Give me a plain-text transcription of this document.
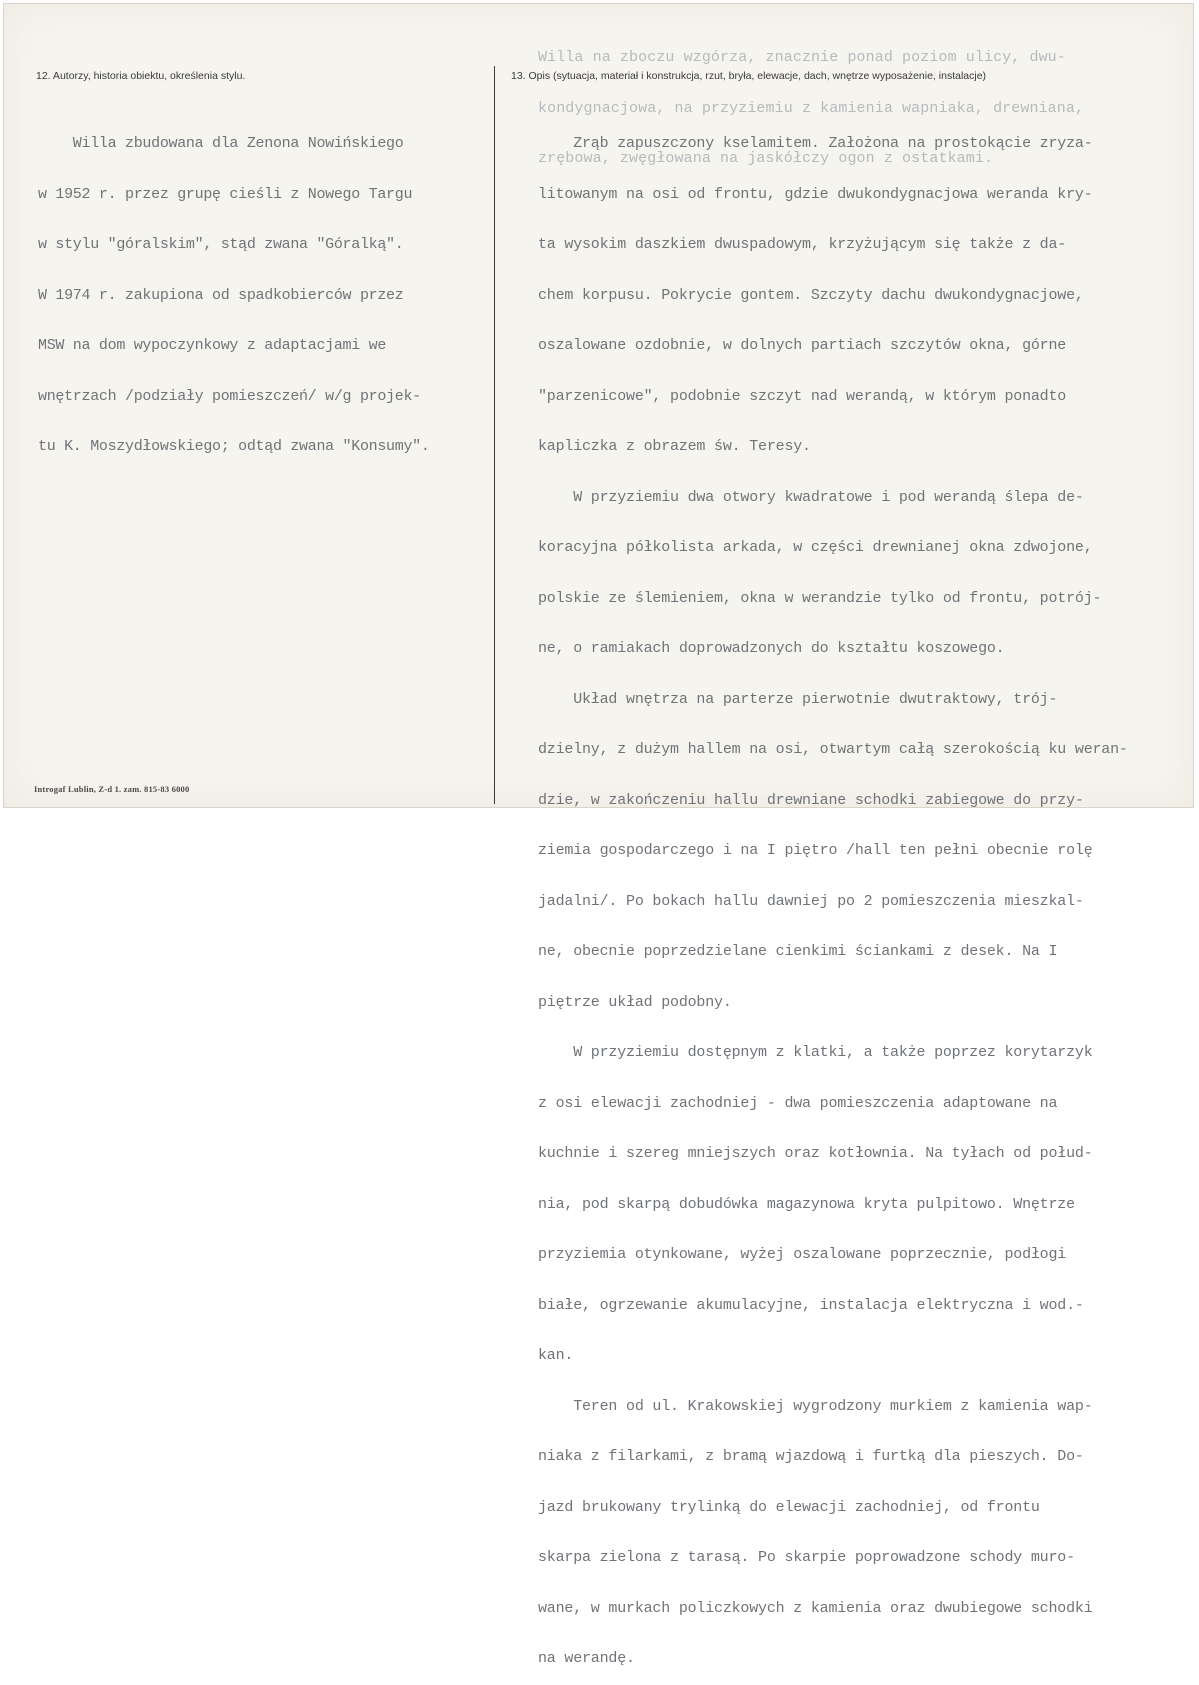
Willa na zboczu wzgórza, znacznie ponad poziom ulicy, dwu-

kondygnacjowa, na przyziemiu z kamienia wapniaka, drewniana,

zrębowa, zwęgłowana na jaskółczy ogon z ostatkami.

12. Autorzy, historia obiektu, określenia stylu.

Willa zbudowana dla Zenona Nowińskiego

w 1952 r. przez grupę cieśli z Nowego Targu

w stylu "góralskim", stąd zwana "Góralką".

W 1974 r. zakupiona od spadkobierców przez

MSW na dom wypoczynkowy z adaptacjami we

wnętrzach /podziały pomieszczeń/ w/g projek-

tu K. Moszydłowskiego; odtąd zwana "Konsumy".

13. Opis (sytuacja, materiał i konstrukcja, rzut, bryła, elewacje, dach, wnętrze wyposażenie, instalacje)

Zrąb zapuszczony kselamitem. Założona na prostokącie zryza-

litowanym na osi od frontu, gdzie dwukondygnacjowa weranda kry-

ta wysokim daszkiem dwuspadowym, krzyżującym się także z da-

chem korpusu. Pokrycie gontem. Szczyty dachu dwukondygnacjowe,

oszalowane ozdobnie, w dolnych partiach szczytów okna, górne

"parzenicowe", podobnie szczyt nad werandą, w którym ponadto

kapliczka z obrazem św. Teresy.

W przyziemiu dwa otwory kwadratowe i pod werandą ślepa de-

koracyjna półkolista arkada, w części drewnianej okna zdwojone,

polskie ze ślemieniem, okna w werandzie tylko od frontu, potrój-

ne, o ramiakach doprowadzonych do kształtu koszowego.

Układ wnętrza na parterze pierwotnie dwutraktowy, trój-

dzielny, z dużym hallem na osi, otwartym całą szerokością ku weran-

dzie, w zakończeniu hallu drewniane schodki zabiegowe do przy-

ziemia gospodarczego i na I piętro /hall ten pełni obecnie rolę

jadalni/. Po bokach hallu dawniej po 2 pomieszczenia mieszkal-

ne, obecnie poprzedzielane cienkimi ściankami z desek. Na I

piętrze układ podobny.

W przyziemiu dostępnym z klatki, a także poprzez korytarzyk

z osi elewacji zachodniej - dwa pomieszczenia adaptowane na

kuchnie i szereg mniejszych oraz kotłownia. Na tyłach od połud-

nia, pod skarpą dobudówka magazynowa kryta pulpitowo. Wnętrze

przyziemia otynkowane, wyżej oszalowane poprzecznie, podłogi

białe, ogrzewanie akumulacyjne, instalacja elektryczna i wod.-

kan.

Teren od ul. Krakowskiej wygrodzony murkiem z kamienia wap-

niaka z filarkami, z bramą wjazdową i furtką dla pieszych. Do-

jazd brukowany trylinką do elewacji zachodniej, od frontu

skarpa zielona z tarasą. Po skarpie poprowadzone schody muro-

wane, w murkach policzkowych z kamienia oraz dwubiegowe schodki

na werandę.

Introgaf Lublin, Z-d 1. zam. 815-83 6000
